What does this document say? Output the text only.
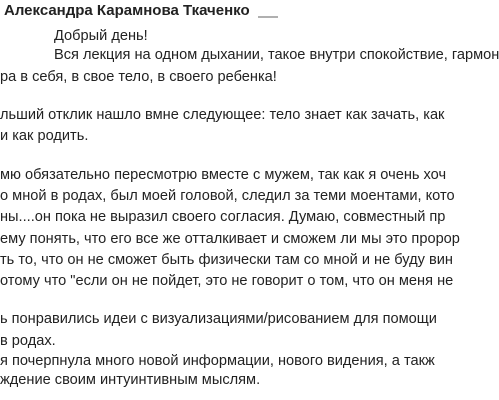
Александра Карамнова Ткаченко
Добрый день!
Вся лекция на одном дыхании, такое внутри спокойствие, гармон
ра в себя, в свое тело, в своего ребенка!
льший отклик нашло вмне следующее: тело знает как зачать, как
и как родить.
мю обязательно пересмотрю вместе с мужем, так как я очень хоч
о мной в родах, был моей головой, следил за теми моентами, кото
ны....он пока не выразил своего согласия. Думаю, совместный пр
ему понять, что его все же отталкивает и сможем ли мы это пророр
ть то, что он не сможет быть физически там со мной и не буду вин
отому что "если он не пойдет, это не говорит о том, что он меня не
ь понравились идеи с визуализациями/рисованием для помощи
в родах.
я почерпнула много новой информации, нового видения, а такж
ждение своим интуинтивным мыслям.
